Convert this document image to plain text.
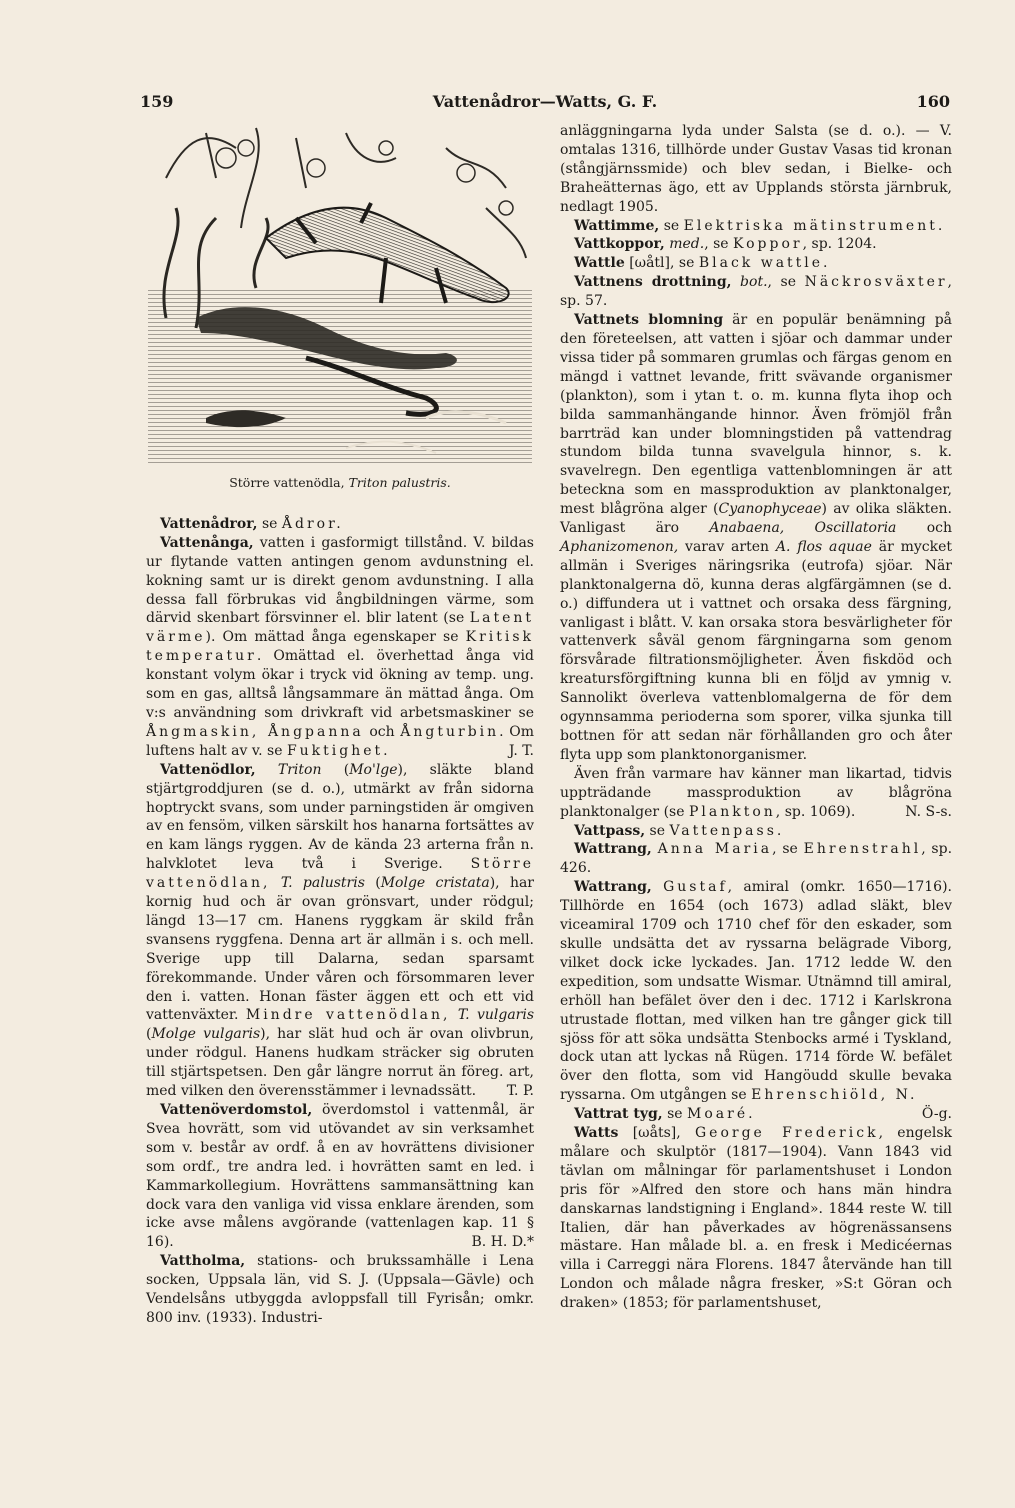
159	Vattenådror—Watts, G. F.	160
Större vattenödla, Triton palustris.

Vattenådror, se Ådror.

Vattenånga, vatten i gasformigt tillstånd. V. bildas ur flytande vatten antingen genom avdunstning el. kokning samt ur is direkt genom avdunstning. I alla dessa fall förbrukas vid ångbildningen värme, som därvid skenbart försvinner el. blir latent (se Latent värme). Om mättad ånga egenskaper se Kritisk temperatur. Omättad el. överhettad ånga vid konstant volym ökar i tryck vid ökning av temp. ung. som en gas, alltså långsammare än mättad ånga. Om v:s användning som drivkraft vid arbetsmaskiner se Ångmaskin, Ångpanna och Ångturbin. Om luftens halt av v. se Fuktighet.	J. T.

Vattenödlor, Triton (Mo'lge), släkte bland stjärtgroddjuren (se d. o.), utmärkt av från sidorna hoptryckt svans, som under parningstiden är omgiven av en fensöm, vilken särskilt hos hanarna fortsättes av en kam längs ryggen. Av de kända 23 arterna från n. halvklotet leva två i Sverige. Större vattenödlan, T. palustris (Molge cristata), har kornig hud och är ovan grönsvart, under rödgul; längd 13—17 cm. Hanens ryggkam är skild från svansens ryggfena. Denna art är allmän i s. och mell. Sverige upp till Dalarna, sedan sparsamt förekommande. Under våren och försommaren lever den i. vatten. Honan fäster äggen ett och ett vid vattenväxter. Mindre vattenödlan, T. vulgaris (Molge vulgaris), har slät hud och är ovan olivbrun, under rödgul. Hanens hudkam sträcker sig obruten till stjärtspetsen. Den går längre norrut än föreg. art, med vilken den överensstämmer i levnadssätt.	T. P.

Vattenöverdomstol, överdomstol i vattenmål, är Svea hovrätt, som vid utövandet av sin verksamhet som v. består av ordf. å en av hovrättens divisioner som ordf., tre andra led. i hovrätten samt en led. i Kammarkollegium. Hovrättens sammansättning kan dock vara den vanliga vid vissa enklare ärenden, som icke avse målens avgörande (vattenlagen kap. 11 § 16).	B. H. D.*

Vattholma, stations- och brukssamhälle i Lena socken, Uppsala län, vid S. J. (Uppsala—Gävle) och Vendelsåns utbyggda avloppsfall till Fyrisån; omkr. 800 inv. (1933). Industri-

anläggningarna lyda under Salsta (se d. o.). — V. omtalas 1316, tillhörde under Gustav Vasas tid kronan (stångjärnssmide) och blev sedan, i Bielke- och Braheätternas ägo, ett av Upplands största järnbruk, nedlagt 1905.

Wattimme, se Elektriska mätinstrument.

Vattkoppor, med., se Koppor, sp. 1204.

Wattle [ωåtl], se Black wattle.

Vattnens drottning, bot., se Näckrosväxter, sp. 57.

Vattnets blomning är en populär benämning på den företeelsen, att vatten i sjöar och dammar under vissa tider på sommaren grumlas och färgas genom en mängd i vattnet levande, fritt svävande organismer (plankton), som i ytan t. o. m. kunna flyta ihop och bilda sammanhängande hinnor. Även frömjöl från barrträd kan under blomningstiden på vattendrag stundom bilda tunna svavelgula hinnor, s. k. svavelregn. Den egentliga vattenblomningen är att beteckna som en massproduktion av planktonalger, mest blågröna alger (Cyanophyceae) av olika släkten. Vanligast äro Anabaena, Oscillatoria och Aphanizomenon, varav arten A. flos aquae är mycket allmän i Sveriges näringsrika (eutrofa) sjöar. När planktonalgerna dö, kunna deras algfärgämnen (se d. o.) diffundera ut i vattnet och orsaka dess färgning, vanligast i blått. V. kan orsaka stora besvärligheter för vattenverk såväl genom färgningarna som genom försvårade filtrationsmöjligheter. Även fiskdöd och kreatursförgiftning kunna bli en följd av ymnig v. Sannolikt överleva vattenblomalgerna de för dem ogynnsamma perioderna som sporer, vilka sjunka till bottnen för att sedan när förhållanden gro och åter flyta upp som planktonorganismer.

Även från varmare hav känner man likartad, tidvis uppträdande massproduktion av blågröna planktonalger (se Plankton, sp. 1069).	N. S-s.

Vattpass, se Vattenpass.

Wattrang, Anna Maria, se Ehrenstrahl, sp. 426.

Wattrang, Gustaf, amiral (omkr. 1650—1716). Tillhörde en 1654 (och 1673) adlad släkt, blev viceamiral 1709 och 1710 chef för den eskader, som skulle undsätta det av ryssarna belägrade Viborg, vilket dock icke lyckades. Jan. 1712 ledde W. den expedition, som undsatte Wismar. Utnämnd till amiral, erhöll han befälet över den i dec. 1712 i Karlskrona utrustade flottan, med vilken han tre gånger gick till sjöss för att söka undsätta Stenbocks armé i Tyskland, dock utan att lyckas nå Rügen. 1714 förde W. befälet över den flotta, som vid Hangöudd skulle bevaka ryssarna. Om utgången se Ehrenschiöld, N.
Ö-g.

Vattrat tyg, se Moaré.

Watts [ωåts], George Frederick, engelsk målare och skulptör (1817—1904). Vann 1843 vid tävlan om målningar för parlamentshuset i London pris för »Alfred den store och hans män hindra danskarnas landstigning i England». 1844 reste W. till Italien, där han påverkades av högrenässansens mästare. Han målade bl. a. en fresk i Medicéernas villa i Carreggi nära Florens. 1847 återvände han till London och målade några fresker, »S:t Göran och draken» (1853; för parlamentshuset,
